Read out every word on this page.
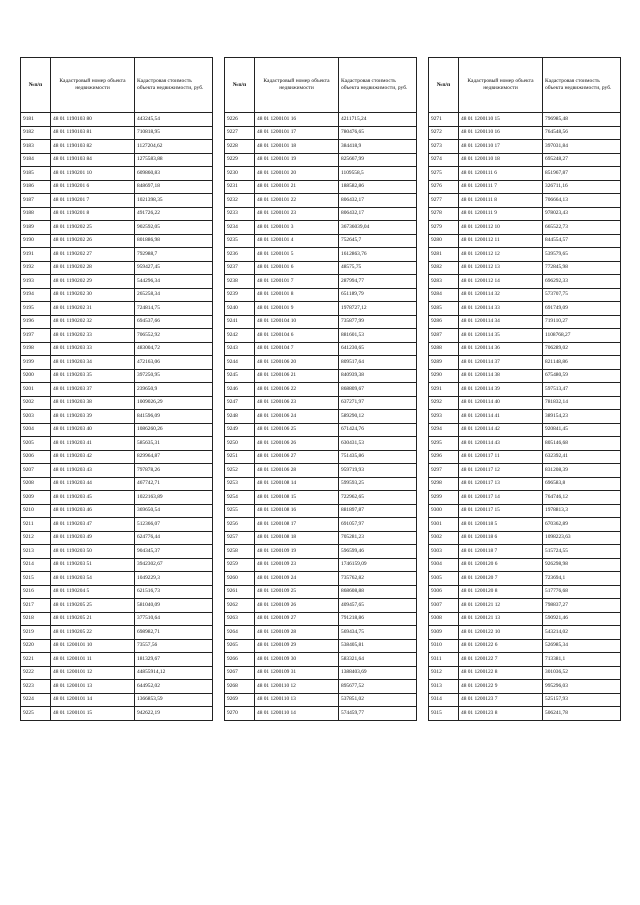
№п/п	Кадастровый номер объекта недвижимости	Кадастровая стоимость объекта недвижимости, руб.
9181	48 01 1190103 80	443245,54
9182	48 01 1190103 81	710818,95
9183	48 01 1190103 82	1127204,62
9184	48 01 1190103 84	1275583,88
9185	48 01 1190201 10	609860,83
9186	48 01 1190201 6	848697,18
9187	48 01 1190201 7	1021398,35
9188	48 01 1190201 8	491726,22
9189	48 01 1190202 25	902592,05
9190	48 01 1190202 26	801886,98
9191	48 01 1190202 27	792988,7
9192	48 01 1190202 28	959427,45
9193	48 01 1190202 29	544296,34
9194	48 01 1190202 30	265258,34
9195	48 01 1190202 31	724814,75
9196	48 01 1190202 32	694537,66
9197	48 01 1190202 33	706552,92
9198	48 01 1190203 33	483004,72
9199	48 01 1190203 34	472163,06
9200	48 01 1190203 35	397250,95
9201	48 01 1190203 37	239650,9
9202	48 01 1190203 38	1009026,29
9203	48 01 1190203 39	841596,09
9204	48 01 1190203 40	1086260,26
9205	48 01 1190203 41	585635,31
9206	48 01 1190203 42	829964,87
9207	48 01 1190203 43	797878,26
9208	48 01 1190203 44	467742,71
9209	48 01 1190203 45	1022163,89
9210	48 01 1190203 46	369650,54
9211	48 01 1190203 47	512366,07
9212	48 01 1190203 49	624776,44
9213	48 01 1190203 50	904345,37
9214	48 01 1190203 51	3942302,67
9215	48 01 1190203 54	1049229,3
9216	48 01 1190204 5	621516,73
9217	48 01 1190205 25	581040,09
9218	48 01 1190205 21	377510,64
9219	48 01 1190205 22	698982,71
9220	48 01 1200101 10	73557,56
9221	48 01 1200101 11	181329,67
9222	48 01 1200101 12	44855914,12
9223	48 01 1200101 13	644952,02
9224	48 01 1200101 14	1366853,59
9225	48 01 1200101 15	942622,19
№п/п	Кадастровый номер объекта недвижимости	Кадастровая стоимость объекта недвижимости, руб.
9226	48 01 1200101 16	4211715,24
9227	48 01 1200101 17	780476,65
9228	48 01 1200101 18	384418,9
9229	48 01 1200101 19	825667,99
9230	48 01 1200101 20	1109558,5
9231	48 01 1200101 21	188582,86
9232	48 01 1200101 22	806432,17
9233	48 01 1200101 23	806432,17
9234	48 01 1200101 3	36736039,04
9235	48 01 1200101 4	752645,7
9236	48 01 1200101 5	1612863,76
9237	48 01 1200101 6	48575,75
9238	48 01 1200101 7	287994,77
9239	48 01 1200101 8	651189,79
9240	48 01 1200101 9	1978727,12
9241	48 01 1200104 10	735877,99
9242	48 01 1200104 6	881601,53
9243	48 01 1200104 7	641230,65
9244	48 01 1200106 20	809517,64
9245	48 01 1200106 21	840939,38
9246	48 01 1200106 22	868809,67
9247	48 01 1200106 23	637271,97
9248	48 01 1200106 24	589290,12
9249	48 01 1200106 25	671424,76
9250	48 01 1200106 26	630431,53
9251	48 01 1200106 27	751435,86
9252	48 01 1200106 28	959719,93
9253	48 01 1200108 14	599593,25
9254	48 01 1200108 15	722962,65
9255	48 01 1200108 16	881897,87
9256	48 01 1200108 17	691057,97
9257	48 01 1200108 18	705281,23
9258	48 01 1200109 19	596599,46
9259	48 01 1200109 23	1746159,09
9260	48 01 1200109 24	735762,82
9261	48 01 1200109 25	868608,88
9262	48 01 1200109 26	409457,65
9263	48 01 1200109 27	791218,86
9264	48 01 1200109 28	569434,75
9265	48 01 1200109 29	538405,81
9266	48 01 1200109 30	583321,64
9267	48 01 1200109 31	1388403,69
9268	48 01 1200110 12	895677,52
9269	48 01 1200110 13	537851,02
9270	48 01 1200110 14	574459,77
№п/п	Кадастровый номер объекта недвижимости	Кадастровая стоимость объекта недвижимости, руб.
9271	48 01 1200110 15	796985,48
9272	48 01 1200110 16	764548,56
9273	48 01 1200110 17	397031,84
9274	48 01 1200110 18	695248,27
9275	48 01 1200111 6	851967,87
9276	48 01 1200111 7	326711,16
9277	48 01 1200111 8	706664,13
9278	48 01 1200111 9	978023,43
9279	48 01 1200112 10	665522,73
9280	48 01 1200112 11	844554,57
9281	48 01 1200112 12	539579,65
9282	48 01 1200112 13	772845,98
9283	48 01 1200112 14	696292,33
9284	48 01 1200114 32	573707,75
9285	48 01 1200114 33	691749,09
9286	48 01 1200114 34	719110,27
9287	48 01 1200114 35	1108768,27
9288	48 01 1200114 36	706289,02
9289	48 01 1200114 37	821148,86
9290	48 01 1200114 38	675480,59
9291	48 01 1200114 39	597513,47
9292	48 01 1200114 40	781832,14
9293	48 01 1200114 41	389154,23
9294	48 01 1200114 42	920841,45
9295	48 01 1200114 43	805146,68
9296	48 01 1200117 11	632392,41
9297	48 01 1200117 12	831208,39
9298	48 01 1200117 13	696583,8
9299	48 01 1200117 14	764746,12
9300	48 01 1200117 15	1978813,3
9301	48 01 1200118 5	670362,89
9302	48 01 1200118 6	1098223,63
9303	48 01 1200118 7	515724,55
9304	48 01 1200120 6	926298,98
9305	48 01 1200120 7	723694,1
9306	48 01 1200120 8	517776,68
9307	48 01 1200121 12	798837,27
9308	48 01 1200121 13	590921,46
9309	48 01 1200122 10	543214,02
9310	48 01 1200122 6	526985,34
9311	48 01 1200122 7	713381,1
9312	48 01 1200122 8	301036,52
9313	48 01 1200122 9	995296,03
9314	48 01 1200123 7	525157,93
9315	48 01 1200123 8	506241,78
